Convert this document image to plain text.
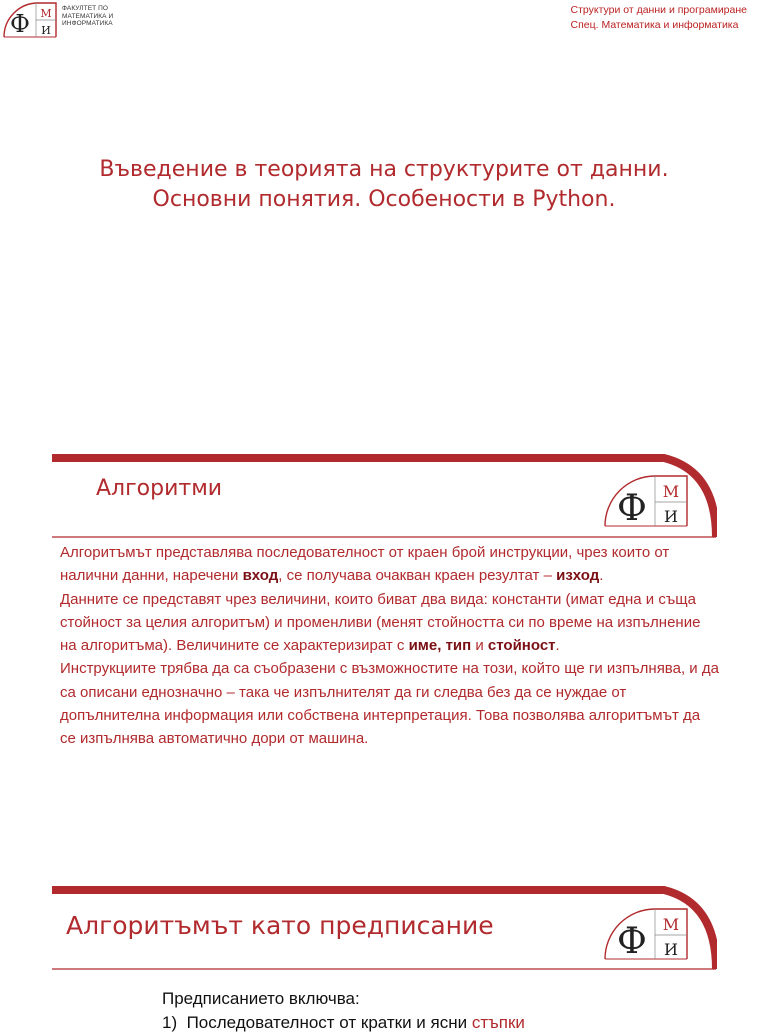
Ф М
И
ФАКУЛТЕТ ПО
МАТЕМАТИКА И
ИНФОРМАТИКА
Структури от данни и програмиране
Спец. Математика и информатика
Въведение в теорията на структурите от данни.
Основни понятия. Особености в Python.
Алгоритми	Ф М
И

Алгоритъмът представлява последователност от краен брой инструкции, чрез които от налични данни, наречени вход, се получава очакван краен резултат – изход.

Данните се представят чрез величини, които биват два вида: константи (имат една и съща стойност за целия алгоритъм) и променливи (менят стойността си по време на изпълнение на алгоритъма). Величините се характеризират с име, тип и стойност.

Инструкциите трябва да са съобразени с възможностите на този, който ще ги изпълнява, и да са описани еднозначно – така че изпълнителят да ги следва без да се нуждае от допълнителна информация или собствена интерпретация. Това позволява алгоритъмът да се изпълнява автоматично дори от машина.

Алгоритъмът като предписание	Ф М
И
Предписанието включва:
1) Последователност от кратки и ясни стъпки
